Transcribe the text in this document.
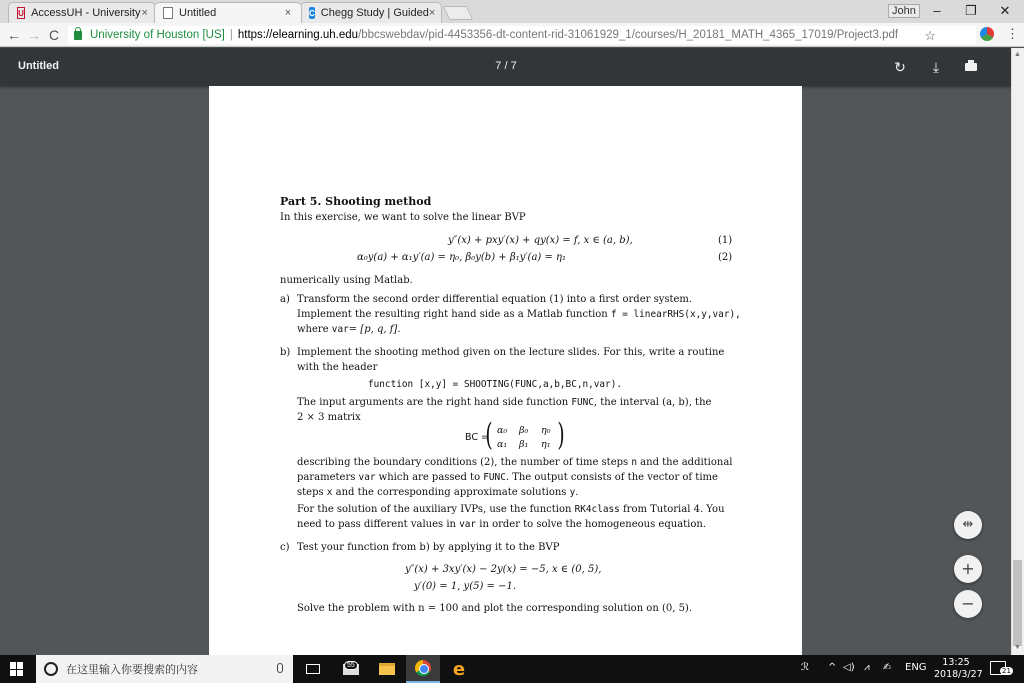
U AccessUH - University ×	Untitled	×	C Chegg Study | Guided ×	John	–	❐	✕
← → C	University of Houston [US] | https://elearning.uh.edu /bbcswebdav/pid-4453356-dt-content-rid-31061929_1/courses/H_20181_MATH_4365_17019/Project3.pdf ☆	⋮
Untitled	7 / 7	↻	⤓
Part 5. Shooting method
In this exercise, we want to solve the linear BVP
y″(x) + pxy′(x) + qy(x) = f, x ∈ (a, b),	(1)
α₀y(a) + α₁y′(a) = η₀, β₀y(b) + β₁y′(a) = η₁	(2)
numerically using Matlab.
a) Transform the second order differential equation (1) into a first order system.
Implement the resulting right hand side as a Matlab function f = linearRHS(x,y,var),
where var= [p, q, f].
b) Implement the shooting method given on the lecture slides. For this, write a routine
with the header
function [x,y] = SHOOTING(FUNC,a,b,BC,n,var).
The input arguments are the right hand side function FUNC, the interval (a, b), the
2 × 3 matrix
BC =
( α₀ β₀ η₀
α₁ β₁ η₁ )
describing the boundary conditions (2), the number of time steps n and the additional
parameters var which are passed to FUNC. The output consists of the vector of time
steps x and the corresponding approximate solutions y.
For the solution of the auxiliary IVPs, use the function RK4class from Tutorial 4. You
need to pass different values in var in order to solve the homogeneous equation.
c) Test your function from b) by applying it to the BVP
y″(x) + 3xy′(x) − 2y(x) = −5, x ∈ (0, 5),
y′(0) = 1, y(5) = −1.
Solve the problem with n = 100 and plot the corresponding solution on (0, 5).
▲
▼
⇹
+
−
在这里输入你要搜索的内容	55	e	ℛ ^ ◁) ⩘ ✍ ENG	13:25
2018/3/27	21
